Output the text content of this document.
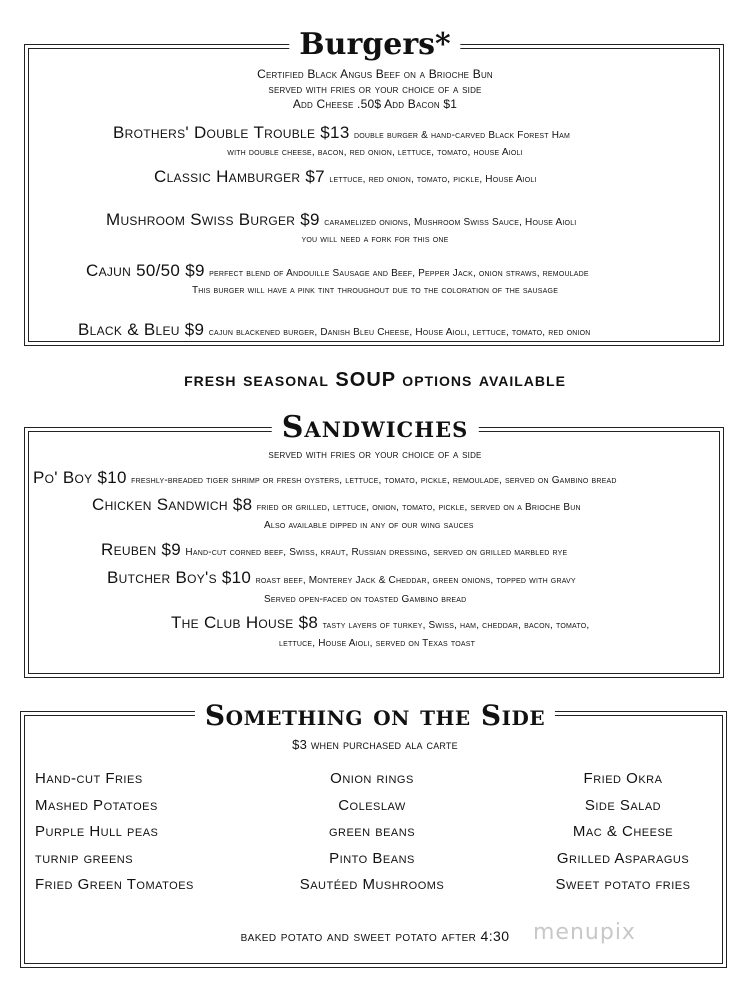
Burgers*
Certified Black Angus Beef on a Brioche Bun
served with fries or your choice of a side
Add Cheese .50$ Add Bacon $1
Brothers' Double Trouble $13 double burger & hand-carved Black Forest Ham
with double cheese, bacon, red onion, lettuce, tomato, house Aioli
Classic Hamburger $7 lettuce, red onion, tomato, pickle, House Aioli
Mushroom Swiss Burger $9 caramelized onions, Mushroom Swiss Sauce, House Aioli
you will need a fork for this one
Cajun 50/50 $9 perfect blend of Andouille Sausage and Beef, Pepper Jack, onion straws, remoulade
This burger will have a pink tint throughout due to the coloration of the sausage
Black & Bleu $9 cajun blackened burger, Danish Bleu Cheese, House Aioli, lettuce, tomato, red onion
fresh seasonal SOUP options available
Sandwiches
served with fries or your choice of a side
Po' Boy $10 freshly-breaded tiger shrimp or fresh oysters, lettuce, tomato, pickle, remoulade, served on Gambino bread
Chicken Sandwich $8 fried or grilled, lettuce, onion, tomato, pickle, served on a Brioche Bun
Also available dipped in any of our wing sauces
Reuben $9 Hand-cut corned beef, Swiss, kraut, Russian dressing, served on grilled marbled rye
Butcher Boy's $10 roast beef, Monterey Jack & Cheddar, green onions, topped with gravy
Served open-faced on toasted Gambino bread
The Club House $8 tasty layers of turkey, Swiss, ham, cheddar, bacon, tomato,
lettuce, House Aioli, served on Texas toast
Something on the Side
$3 when purchased ala carte
Hand-cut Fries
Mashed Potatoes
Purple Hull peas
turnip greens
Fried Green Tomatoes
Onion rings
Coleslaw
green beans
Pinto Beans
Sautéed Mushrooms
Fried Okra
Side Salad
Mac & Cheese
Grilled Asparagus
Sweet potato fries
baked potato and sweet potato after 4:30 menupix
